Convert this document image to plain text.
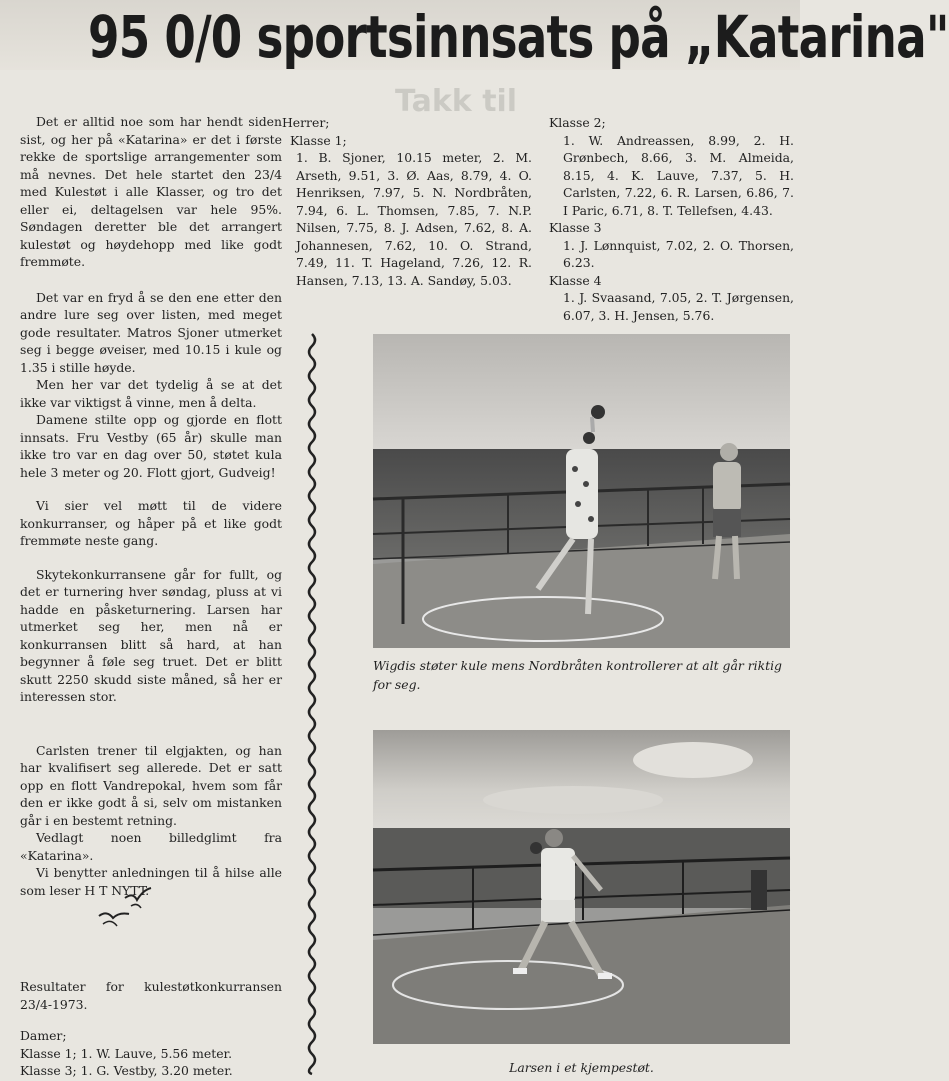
Takk til
95 0/0 sportsinnsats på „Katarina"

Det er alltid noe som har hendt siden sist, og her på «Katarina» er det i første rekke de sportslige arrangementer som må nevnes. Det hele startet den 23/4 med Kulestøt i alle Klasser, og tro det eller ei, deltagelsen var hele 95%. Søndagen deretter ble det arrangert kulestøt og høydehopp med like godt fremmøte.

Det var en fryd å se den ene etter den andre lure seg over listen, med meget gode resultater. Matros Sjoner utmerket seg i begge øveiser, med 10.15 i kule og 1.35 i stille høyde.

Men her var det tydelig å se at det ikke var viktigst å vinne, men å delta.

Damene stilte opp og gjorde en flott innsats. Fru Vestby (65 år) skulle man ikke tro var en dag over 50, støtet kula hele 3 meter og 20. Flott gjort, Gudveig!

Vi sier vel møtt til de videre konkurranser, og håper på et like godt fremmøte neste gang.

Skytekonkurransene går for fullt, og det er turnering hver søndag, pluss at vi hadde en påsketurnering. Larsen har utmerket seg her, men nå er konkurransen blitt så hard, at han begynner å føle seg truet. Det er blitt skutt 2250 skudd siste måned, så her er interessen stor.

Carlsten trener til elgjakten, og han har kvalifisert seg allerede. Det er satt opp en flott Vandrepokal, hvem som får den er ikke godt å si, selv om mistanken går i en bestemt retning.

Vedlagt noen billedglimt fra «Katarina».

Vi benytter anledningen til å hilse alle som leser H T NYTT.

Resultater for kulestøtkonkurransen 23/4-1973.

Damer;

Klasse 1; 1. W. Lauve, 5.56 meter.

Klasse 3; 1. G. Vestby, 3.20 meter.

Herrer;

Klasse 1;

1. B. Sjoner, 10.15 meter, 2. M. Arseth, 9.51, 3. Ø. Aas, 8.79, 4. O. Henriksen, 7.97, 5. N. Nordbråten, 7.94, 6. L. Thomsen, 7.85, 7. N.P. Nilsen, 7.75, 8. J. Adsen, 7.62, 8. A. Johannesen, 7.62, 10. O. Strand, 7.49, 11. T. Hageland, 7.26, 12. R. Hansen, 7.13, 13. A. Sandøy, 5.03.

Klasse 2;

1. W. Andreassen, 8.99, 2. H. Grønbech, 8.66, 3. M. Almeida, 8.15, 4. K. Lauve, 7.37, 5. H. Carlsten, 7.22, 6. R. Larsen, 6.86, 7. I Paric, 6.71, 8. T. Tellefsen, 4.43.

Klasse 3

1. J. Lønnquist, 7.02, 2. O. Thorsen, 6.23.

Klasse 4

1. J. Svaasand, 7.05, 2. T. Jørgensen, 6.07, 3. H. Jensen, 5.76.

Wigdis støter kule mens Nordbråten kontrollerer at alt går riktig for seg.

Larsen i et kjempestøt.
